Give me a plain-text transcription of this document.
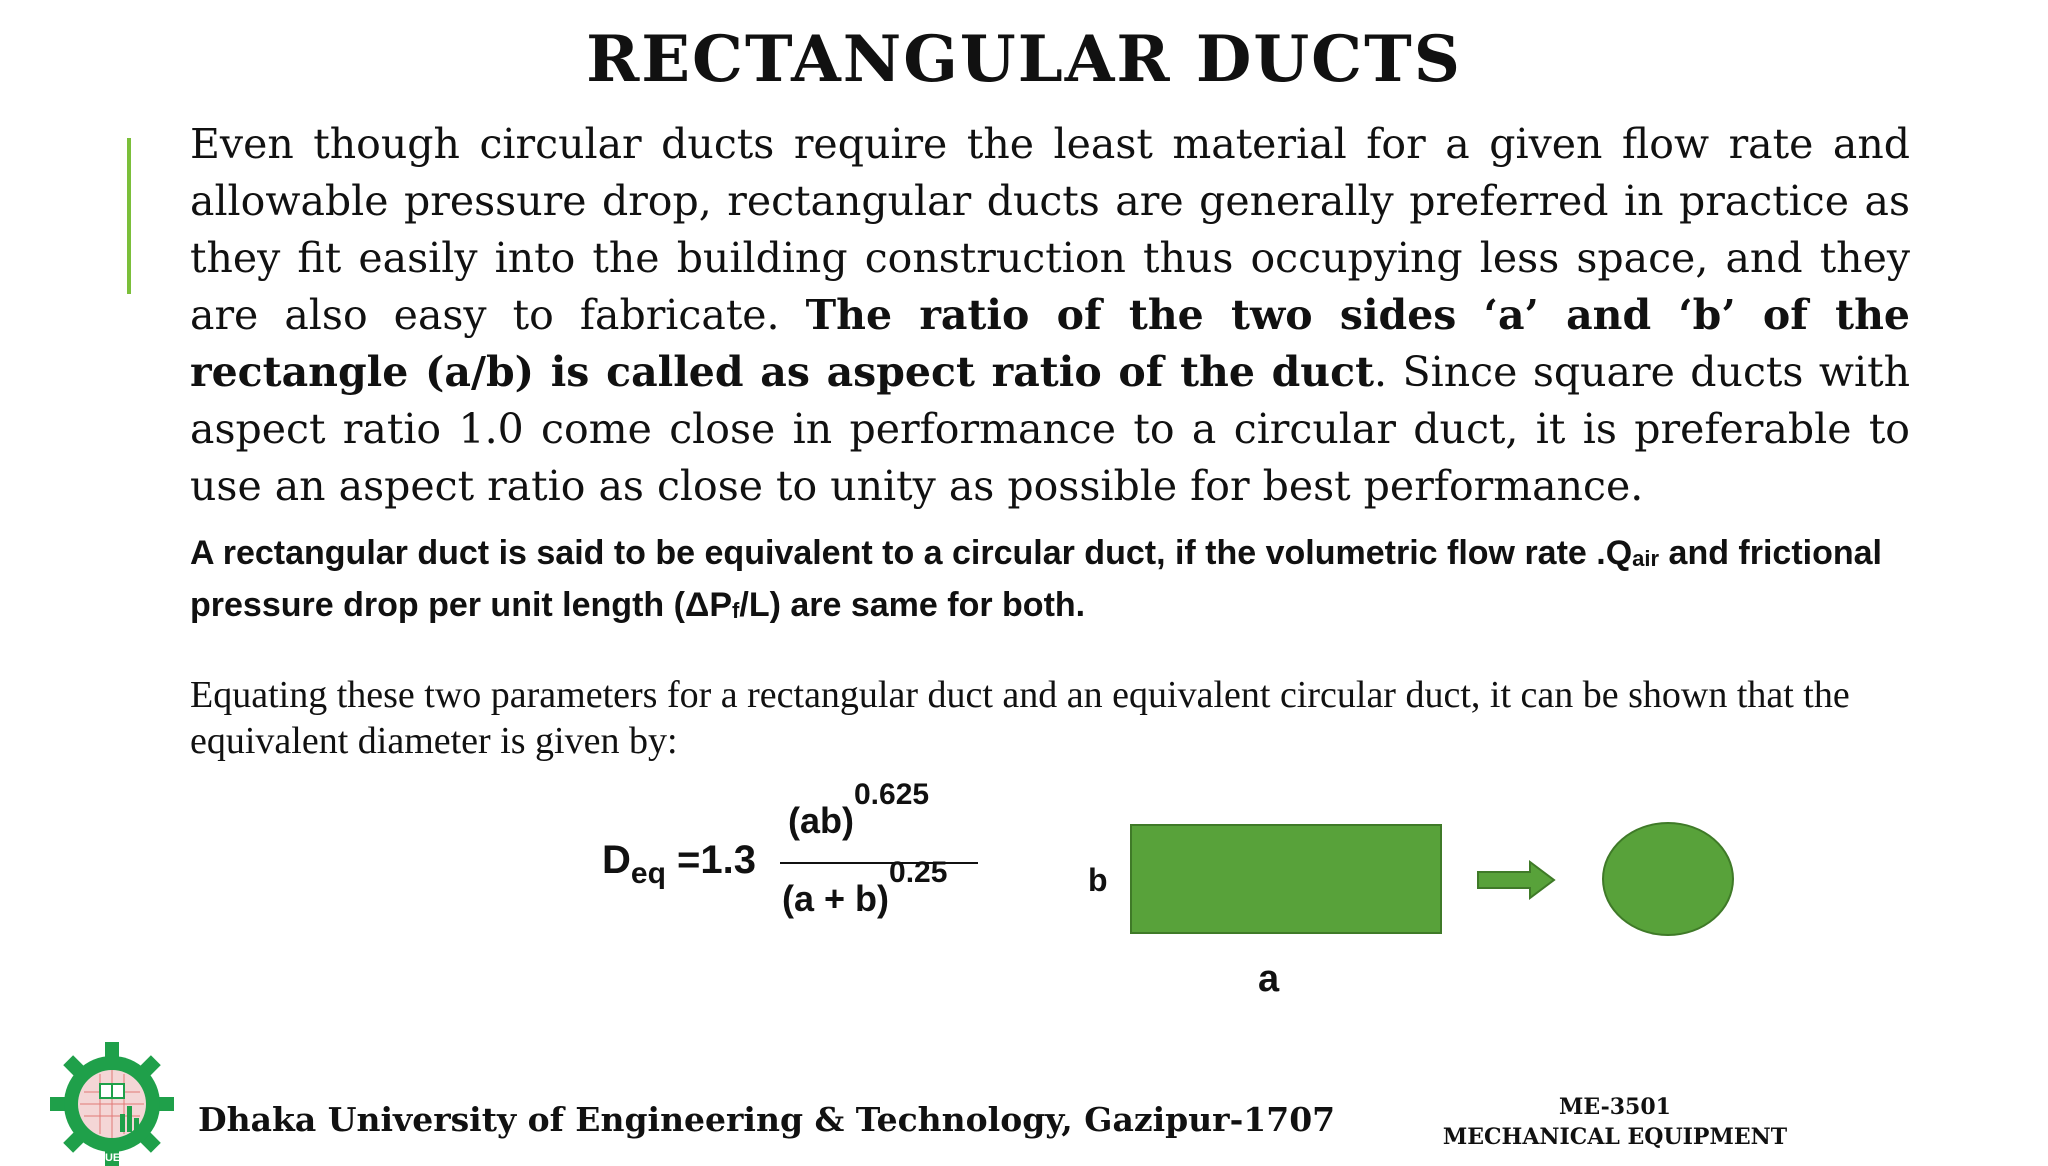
RECTANGULAR DUCTS
Even though circular ducts require the least material for a given flow rate and allowable pressure drop, rectangular ducts are generally preferred in practice as they fit easily into the building construction thus occupying less space, and they are also easy to fabricate. The ratio of the two sides ‘a’ and ‘b’ of the rectangle (a/b) is called as aspect ratio of the duct. Since square ducts with aspect ratio 1.0 come close in performance to a circular duct, it is preferable to use an aspect ratio as close to unity as possible for best performance.
A rectangular duct is said to be equivalent to a circular duct, if the volumetric flow rate $.Q_{air}$ and frictional pressure drop per unit length $(\Delta P_f/L)$ are same for both.
Equating these two parameters for a rectangular duct and an equivalent circular duct, it can be shown that the equivalent diameter is given by:
$D_{eq} =1.3$
(ab)$^{0.625}$
$(a + b)^{0.25}$	b
a
DUET
Dhaka University of Engineering & Technology, Gazipur-1707	ME-3501
MECHANICAL EQUIPMENT
